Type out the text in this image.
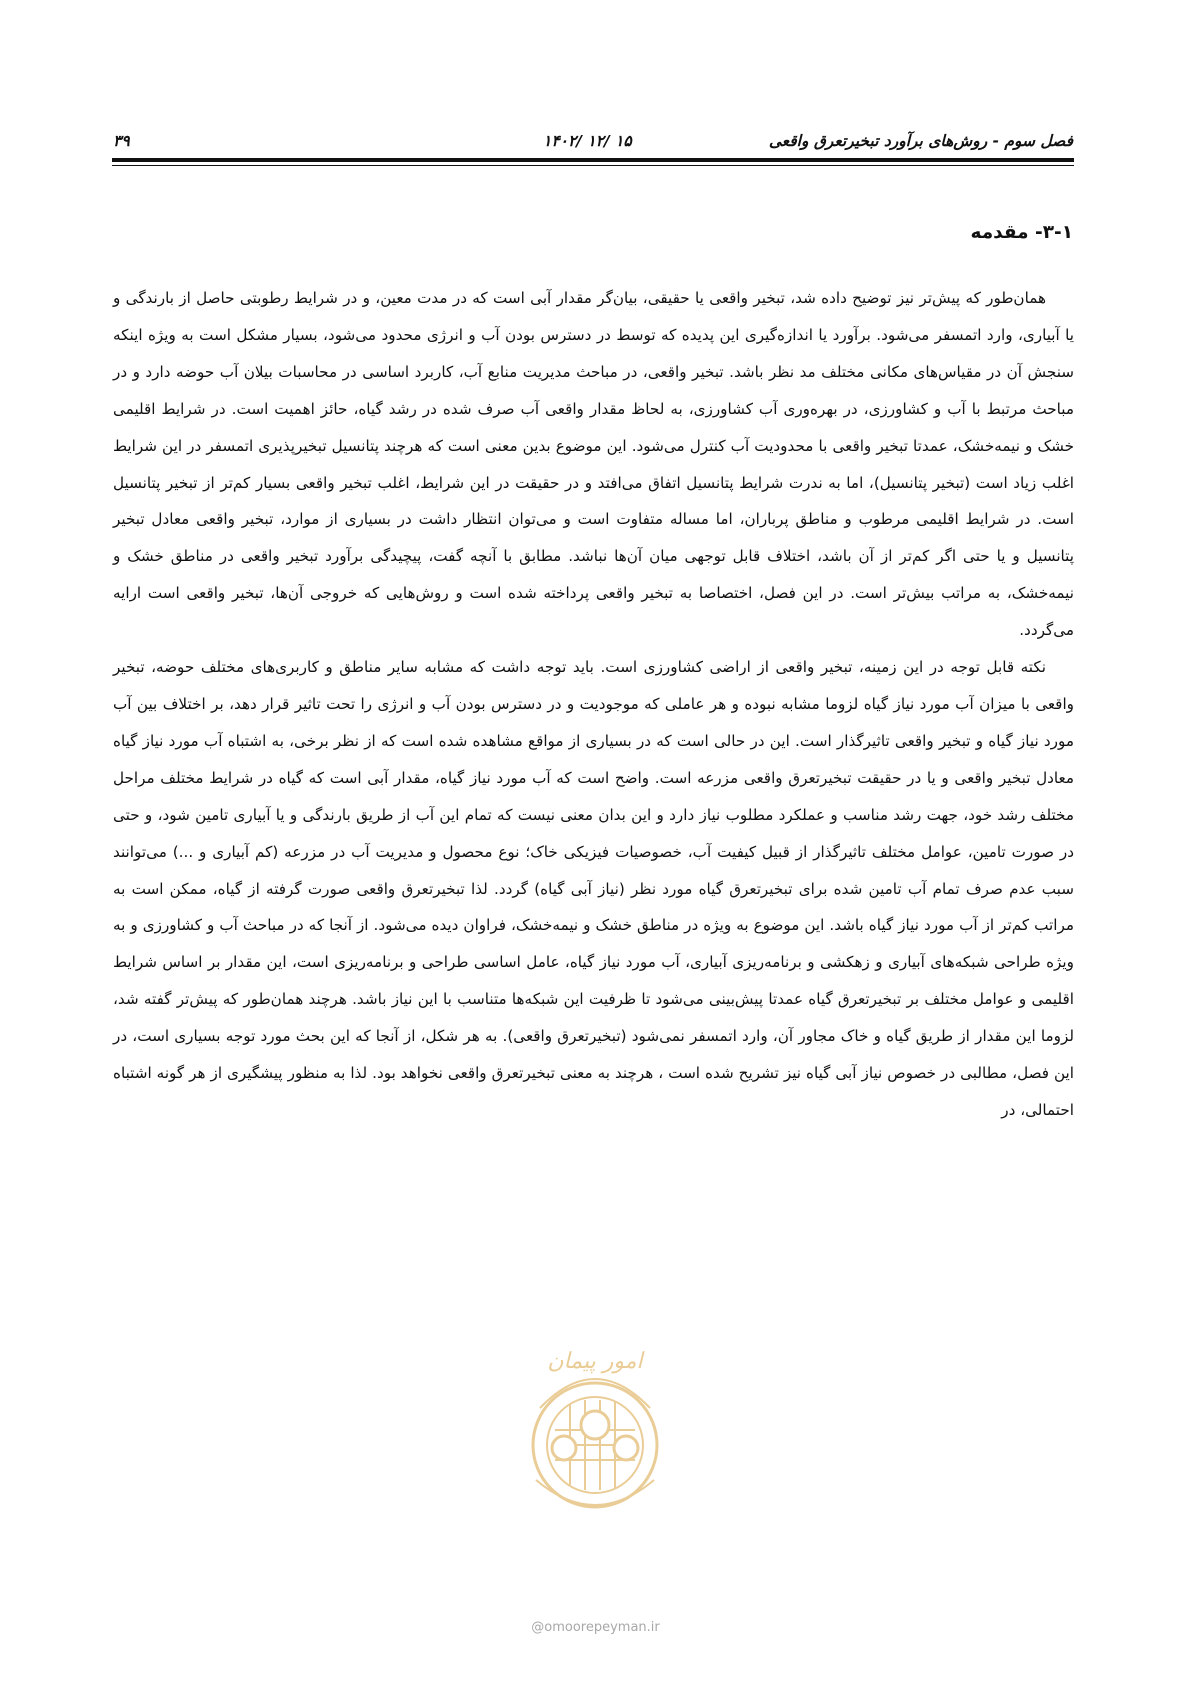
فصل سوم - روش‌های برآورد تبخیرتعرق واقعی
۱۴۰۲/ ۱۲/ ۱۵
۳۹
۳-۱- مقدمه

همان‌طور که پیش‌تر نیز توضیح داده شد، تبخیر واقعی یا حقیقی، بیان‌گر مقدار آبی است که در مدت معین، و در شرایط رطوبتی حاصل از بارندگی و یا آبیاری، وارد اتمسفر می‌شود. برآورد یا اندازه‌گیری این پدیده که توسط در دسترس بودن آب و انرژی محدود می‌شود، بسیار مشکل است به ویژه اینکه سنجش آن در مقیاس‌های مکانی مختلف مد نظر باشد. تبخیر واقعی، در مباحث مدیریت منابع آب، کاربرد اساسی در محاسبات بیلان آب حوضه دارد و در مباحث مرتبط با آب و کشاورزی، در بهره‌وری آب کشاورزی، به لحاظ مقدار واقعی آب صرف شده در رشد گیاه، حائز اهمیت است. در شرایط اقلیمی خشک و نیمه‌خشک، عمدتا تبخیر واقعی با محدودیت آب کنترل می‌شود. این موضوع بدین معنی است که هرچند پتانسیل تبخیرپذیری اتمسفر در این شرایط اغلب زیاد است (تبخیر پتانسیل)، اما به ندرت شرایط پتانسیل اتفاق می‌افتد و در حقیقت در این شرایط، اغلب تبخیر واقعی بسیار کم‌تر از تبخیر پتانسیل است. در شرایط اقلیمی مرطوب و مناطق پرباران، اما مساله متفاوت است و می‌توان انتظار داشت در بسیاری از موارد، تبخیر واقعی معادل تبخیر پتانسیل و یا حتی اگر کم‌تر از آن باشد، اختلاف قابل توجهی میان آن‌ها نباشد. مطابق با آنچه گفت، پیچیدگی برآورد تبخیر واقعی در مناطق خشک و نیمه‌خشک، به مراتب بیش‌تر است. در این فصل، اختصاصا به تبخیر واقعی پرداخته شده است و روش‌هایی که خروجی آن‌ها، تبخیر واقعی است ارایه می‌گردد.

نکته قابل توجه در این زمینه، تبخیر واقعی از اراضی کشاورزی است. باید توجه داشت که مشابه سایر مناطق و کاربری‌های مختلف حوضه، تبخیر واقعی با میزان آب مورد نیاز گیاه لزوما مشابه نبوده و هر عاملی که موجودیت و در دسترس بودن آب و انرژی را تحت تاثیر قرار دهد، بر اختلاف بین آب مورد نیاز گیاه و تبخیر واقعی تاثیرگذار است. این در حالی است که در بسیاری از مواقع مشاهده شده است که از نظر برخی، به اشتباه آب مورد نیاز گیاه معادل تبخیر واقعی و یا در حقیقت تبخیرتعرق واقعی مزرعه است. واضح است که آب مورد نیاز گیاه، مقدار آبی است که گیاه در شرایط مختلف مراحل مختلف رشد خود، جهت رشد مناسب و عملکرد مطلوب نیاز دارد و این بدان معنی نیست که تمام این آب از طریق بارندگی و یا آبیاری تامین شود، و حتی در صورت تامین، عوامل مختلف تاثیرگذار از قبیل کیفیت آب، خصوصیات فیزیکی خاک؛ نوع محصول و مدیریت آب در مزرعه (کم آبیاری و ...) می‌توانند سبب عدم صرف تمام آب تامین شده برای تبخیرتعرق گیاه مورد نظر (نیاز آبی گیاه) گردد. لذا تبخیرتعرق واقعی صورت گرفته از گیاه، ممکن است به مراتب کم‌تر از آب مورد نیاز گیاه باشد. این موضوع به ویژه در مناطق خشک و نیمه‌خشک، فراوان دیده می‌شود. از آنجا که در مباحث آب و کشاورزی و به ویژه طراحی شبکه‌های آبیاری و زهکشی و برنامه‌ریزی آبیاری، آب مورد نیاز گیاه، عامل اساسی طراحی و برنامه‌ریزی است، این مقدار بر اساس شرایط اقلیمی و عوامل مختلف بر تبخیرتعرق گیاه عمدتا پیش‌بینی می‌شود تا ظرفیت این شبکه‌ها متناسب با این نیاز باشد. هرچند همان‌طور که پیش‌تر گفته شد، لزوما این مقدار از طریق گیاه و خاک مجاور آن، وارد اتمسفر نمی‌شود (تبخیرتعرق واقعی). به هر شکل، از آنجا که این بحث مورد توجه بسیاری است، در این فصل، مطالبی در خصوص نیاز آبی گیاه نیز تشریح شده است ، هرچند به معنی تبخیرتعرق واقعی نخواهد بود. لذا به منظور پیشگیری از هر گونه اشتباه احتمالی، در

امور پیمان
@omoorepeyman.ir
